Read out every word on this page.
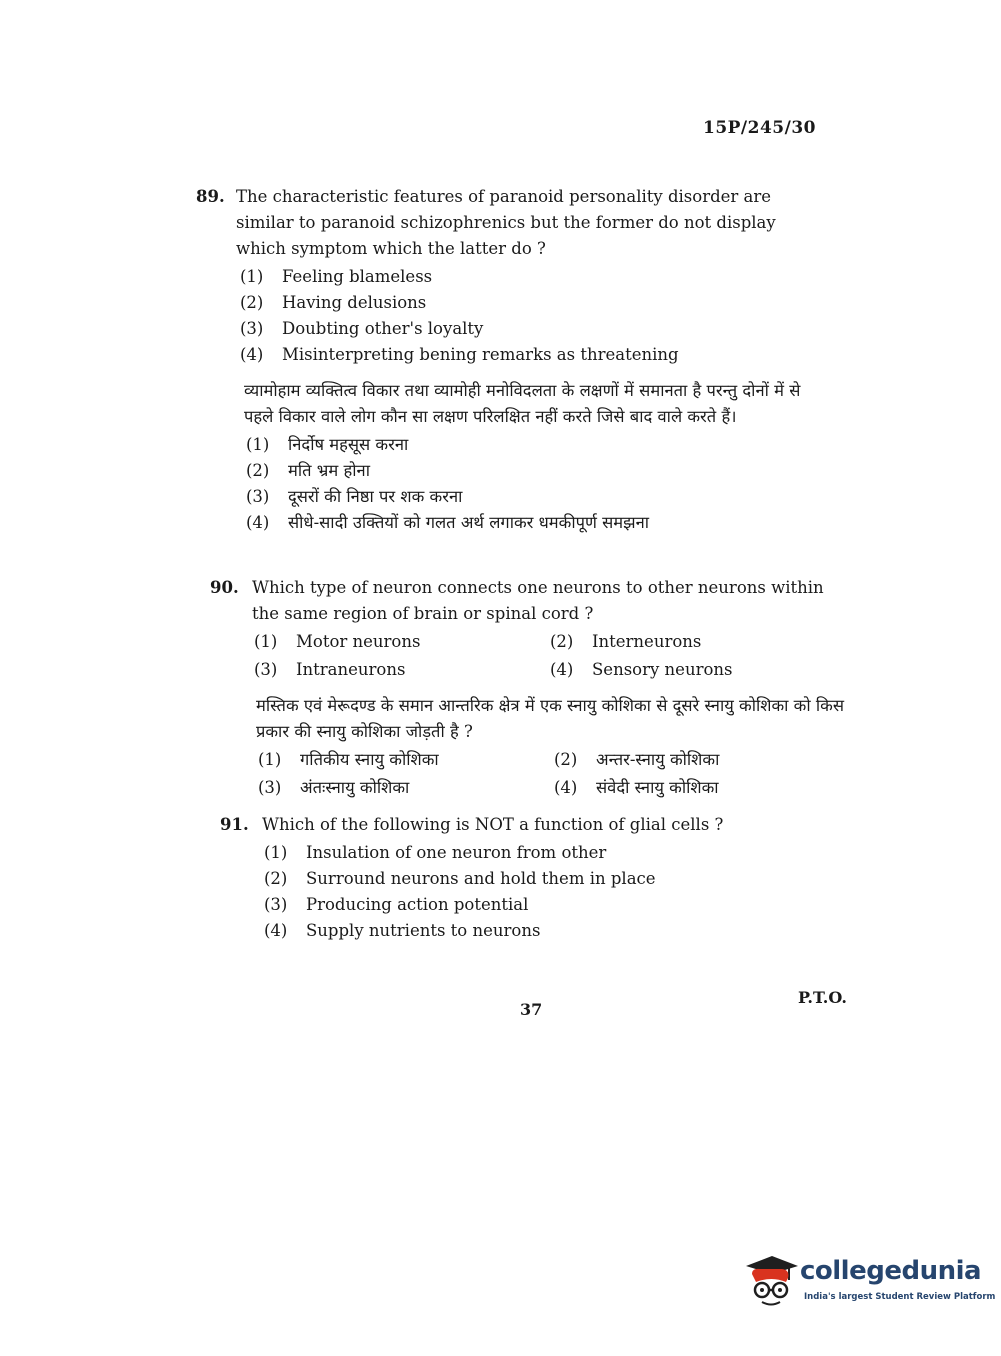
15P/245/30
89. The characteristic features of paranoid personality disorder are similar to paranoid schizophrenics but the former do not display which symptom which the latter do ?
(1)	Feeling blameless
(2)	Having delusions
(3)	Doubting other's loyalty
(4)	Misinterpreting bening remarks as threatening
व्यामोहाम व्यक्तित्व विकार तथा व्यामोही मनोविदलता के लक्षणों में समानता है परन्तु दोनों में से पहले विकार वाले लोग कौन सा लक्षण परिलक्षित नहीं करते जिसे बाद वाले करते हैं।
(1)	निर्दोष महसूस करना
(2)	मति भ्रम होना
(3)	दूसरों की निष्ठा पर शक करना
(4)	सीधे-सादी उक्तियों को गलत अर्थ लगाकर धमकीपूर्ण समझना
90. Which type of neuron connects one neurons to other neurons within the same region of brain or spinal cord ?
(1)	Motor neurons	(2)	Interneurons
(3)	Intraneurons	(4)	Sensory neurons
मस्तिक एवं मेरूदण्ड के समान आन्तरिक क्षेत्र में एक स्नायु कोशिका से दूसरे स्नायु कोशिका को किस प्रकार की स्नायु कोशिका जोड़ती है ?
(1)	गतिकीय स्नायु कोशिका	(2)	अन्तर-स्नायु कोशिका
(3)	अंतःस्नायु कोशिका	(4)	संवेदी स्नायु कोशिका
91. Which of the following is NOT a function of glial cells ?
(1)	Insulation of one neuron from other
(2)	Surround neurons and hold them in place
(3)	Producing action potential
(4)	Supply nutrients to neurons
37
P.T.O.
collegedunia
India's largest Student Review Platform
